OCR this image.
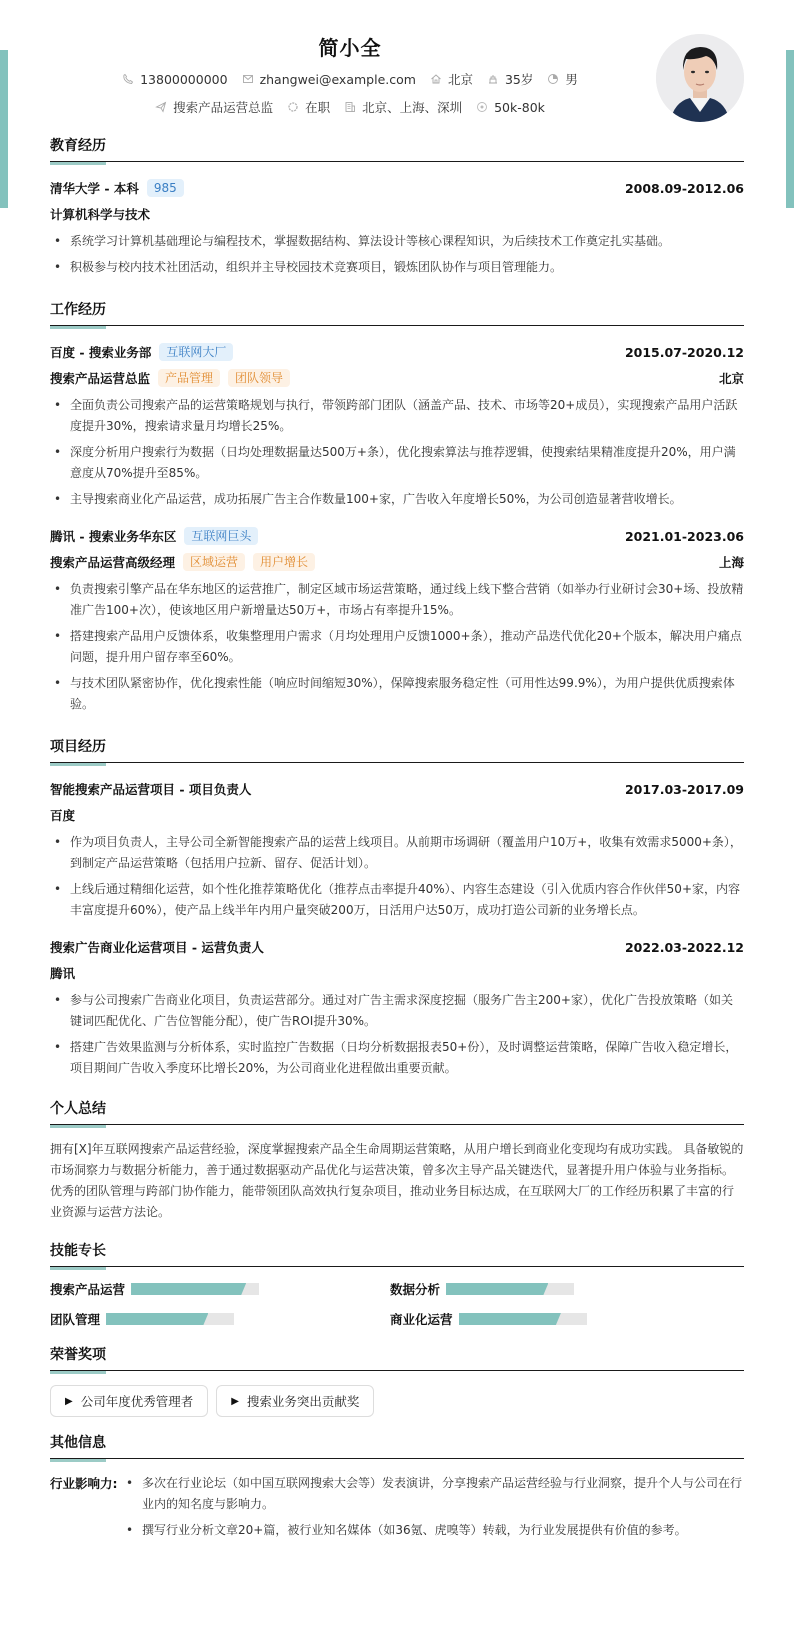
简小全
13800000000	zhangwei@example.com	北京	35岁	男
搜索产品运营总监	在职	北京、上海、深圳	50k-80k
教育经历
清华大学 - 本科	985	2008.09-2012.06
计算机科学与技术
• 系统学习计算机基础理论与编程技术，掌握数据结构、算法设计等核心课程知识，为后续技术工作奠定扎实基础。
• 积极参与校内技术社团活动，组织并主导校园技术竞赛项目，锻炼团队协作与项目管理能力。
工作经历
百度 - 搜索业务部	互联网大厂	2015.07-2020.12
搜索产品运营总监	产品管理	团队领导	北京
• 全面负责公司搜索产品的运营策略规划与执行，带领跨部门团队（涵盖产品、技术、市场等20+成员），实现搜索产品用户活跃度提升30%，搜索请求量月均增长25%。
• 深度分析用户搜索行为数据（日均处理数据量达500万+条），优化搜索算法与推荐逻辑，使搜索结果精准度提升20%，用户满意度从70%提升至85%。
• 主导搜索商业化产品运营，成功拓展广告主合作数量100+家，广告收入年度增长50%，为公司创造显著营收增长。
腾讯 - 搜索业务华东区	互联网巨头	2021.01-2023.06
搜索产品运营高级经理	区域运营	用户增长	上海
• 负责搜索引擎产品在华东地区的运营推广，制定区域市场运营策略，通过线上线下整合营销（如举办行业研讨会30+场、投放精准广告100+次），使该地区用户新增量达50万+，市场占有率提升15%。
• 搭建搜索产品用户反馈体系，收集整理用户需求（月均处理用户反馈1000+条），推动产品迭代优化20+个版本，解决用户痛点问题，提升用户留存率至60%。
• 与技术团队紧密协作，优化搜索性能（响应时间缩短30%），保障搜索服务稳定性（可用性达99.9%），为用户提供优质搜索体验。
项目经历
智能搜索产品运营项目 - 项目负责人	2017.03-2017.09
百度
• 作为项目负责人，主导公司全新智能搜索产品的运营上线项目。从前期市场调研（覆盖用户10万+，收集有效需求5000+条），到制定产品运营策略（包括用户拉新、留存、促活计划）。
• 上线后通过精细化运营，如个性化推荐策略优化（推荐点击率提升40%）、内容生态建设（引入优质内容合作伙伴50+家，内容丰富度提升60%），使产品上线半年内用户量突破200万，日活用户达50万，成功打造公司新的业务增长点。
搜索广告商业化运营项目 - 运营负责人	2022.03-2022.12
腾讯
• 参与公司搜索广告商业化项目，负责运营部分。通过对广告主需求深度挖掘（服务广告主200+家），优化广告投放策略（如关键词匹配优化、广告位智能分配），使广告ROI提升30%。
• 搭建广告效果监测与分析体系，实时监控广告数据（日均分析数据报表50+份），及时调整运营策略，保障广告收入稳定增长，项目期间广告收入季度环比增长20%，为公司商业化进程做出重要贡献。
个人总结

拥有[X]年互联网搜索产品运营经验，深度掌握搜索产品全生命周期运营策略，从用户增长到商业化变现均有成功实践。 具备敏锐的市场洞察力与数据分析能力，善于通过数据驱动产品优化与运营决策，曾多次主导产品关键迭代，显著提升用户体验与业务指标。 优秀的团队管理与跨部门协作能力，能带领团队高效执行复杂项目，推动业务目标达成，在互联网大厂的工作经历积累了丰富的行业资源与运营方法论。

技能专长
搜索产品运营	数据分析
团队管理	商业化运营
荣誉奖项
▶ 公司年度优秀管理者	▶ 搜索业务突出贡献奖
其他信息
行业影响力:	• 多次在行业论坛（如中国互联网搜索大会等）发表演讲，分享搜索产品运营经验与行业洞察，提升个人与公司在行业内的知名度与影响力。
• 撰写行业分析文章20+篇，被行业知名媒体（如36氪、虎嗅等）转载，为行业发展提供有价值的参考。
